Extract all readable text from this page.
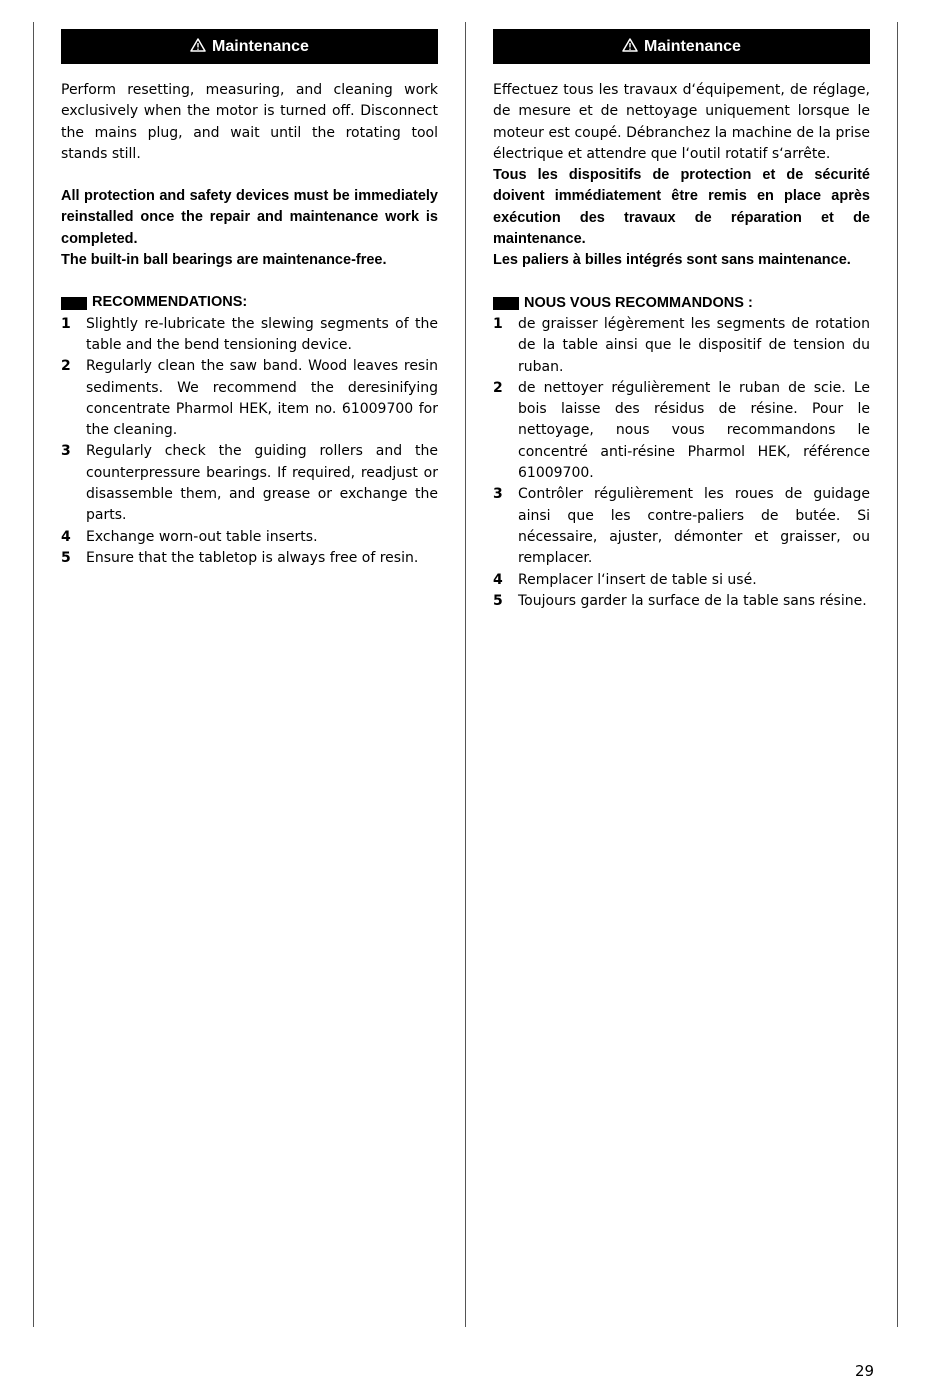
Maintenance
Perform resetting, measuring, and cleaning work exclusively when the motor is turned off. Disconnect the mains plug, and wait until the rotating tool stands still.
All protection and safety devices must be immediately reinstalled once the repair and maintenance work is completed.
The built-in ball bearings are maintenance-free.
RECOMMENDATIONS:
1	Slightly re-lubricate the slewing segments of the table and the bend tensioning device.
2	Regularly clean the saw band. Wood leaves resin sediments. We recommend the deresinifying concentrate Pharmol HEK, item no. 61009700 for the cleaning.
3	Regularly check the guiding rollers and the counterpressure bearings. If required, readjust or disassemble them, and grease or exchange the parts.
4	Exchange worn-out table inserts.
5	Ensure that the tabletop is always free of resin.
Maintenance
Effectuez tous les travaux d‘équipement, de réglage, de mesure et de nettoyage uniquement lorsque le moteur est coupé. Débranchez la machine de la prise électrique et attendre que l‘outil rotatif s‘arrête.
Tous les dispositifs de protection et de sécurité doivent immédiatement être remis en place après exécution des travaux de réparation et de maintenance.
Les paliers à billes intégrés sont sans maintenance.
NOUS VOUS RECOMMANDONS :
1	de graisser légèrement les segments de rotation de la table ainsi que le dispositif de tension du ruban.
2	de nettoyer régulièrement le ruban de scie. Le bois laisse des résidus de résine. Pour le nettoyage, nous vous recommandons le concentré anti-résine Pharmol HEK, référence 61009700.
3	Contrôler régulièrement les roues de guidage ainsi que les contre-paliers de butée. Si nécessaire, ajuster, démonter et graisser, ou remplacer.
4	Remplacer l‘insert de table si usé.
5	Toujours garder la surface de la table sans résine.
29
